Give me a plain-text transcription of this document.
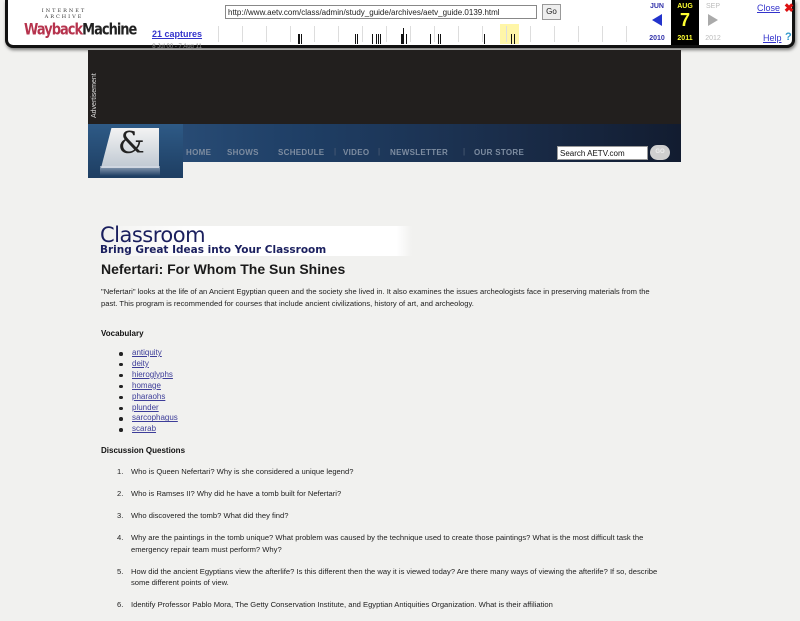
INTERNET ARCHIVE
WaybackMachine	21 captures
8 Jul 00 - 7 Aug 11
http://www.aetv.com/class/admin/study_guide/archives/aetv_guide.0139.html
Go
JUN
2010
AUG
7
2011
SEP
2012
Close ✖
Help ?
Advertisement
&	HOME SHOWS SCHEDULE | VIDEO | NEWSLETTER | OUR STORE
Search AETV.com	GO
Classroom
Bring Great Ideas into Your Classroom
Nefertari: For Whom The Sun Shines

"Nefertari" looks at the life of an Ancient Egyptian queen and the society she lived in. It also examines the issues archeologists face in preserving materials from the past. This program is recommended for courses that include ancient civilizations, history of art, and archeology.

Vocabulary
antiquity
deity
hieroglyphs
homage
pharaohs
plunder
sarcophagus
scarab
Discussion Questions
1. Who is Queen Nefertari? Why is she considered a unique legend?
2. Who is Ramses II? Why did he have a tomb built for Nefertari?
3. Who discovered the tomb? What did they find?
4. Why are the paintings in the tomb unique? What problem was caused by the technique used to create those paintings? What is the most difficult task the emergency repair team must perform? Why?
5. How did the ancient Egyptians view the afterlife? Is this different then the way it is viewed today? Are there many ways of viewing the afterlife? If so, describe some different points of view.
6. Identify Professor Pablo Mora, The Getty Conservation Institute, and Egyptian Antiquities Organization. What is their affiliation
